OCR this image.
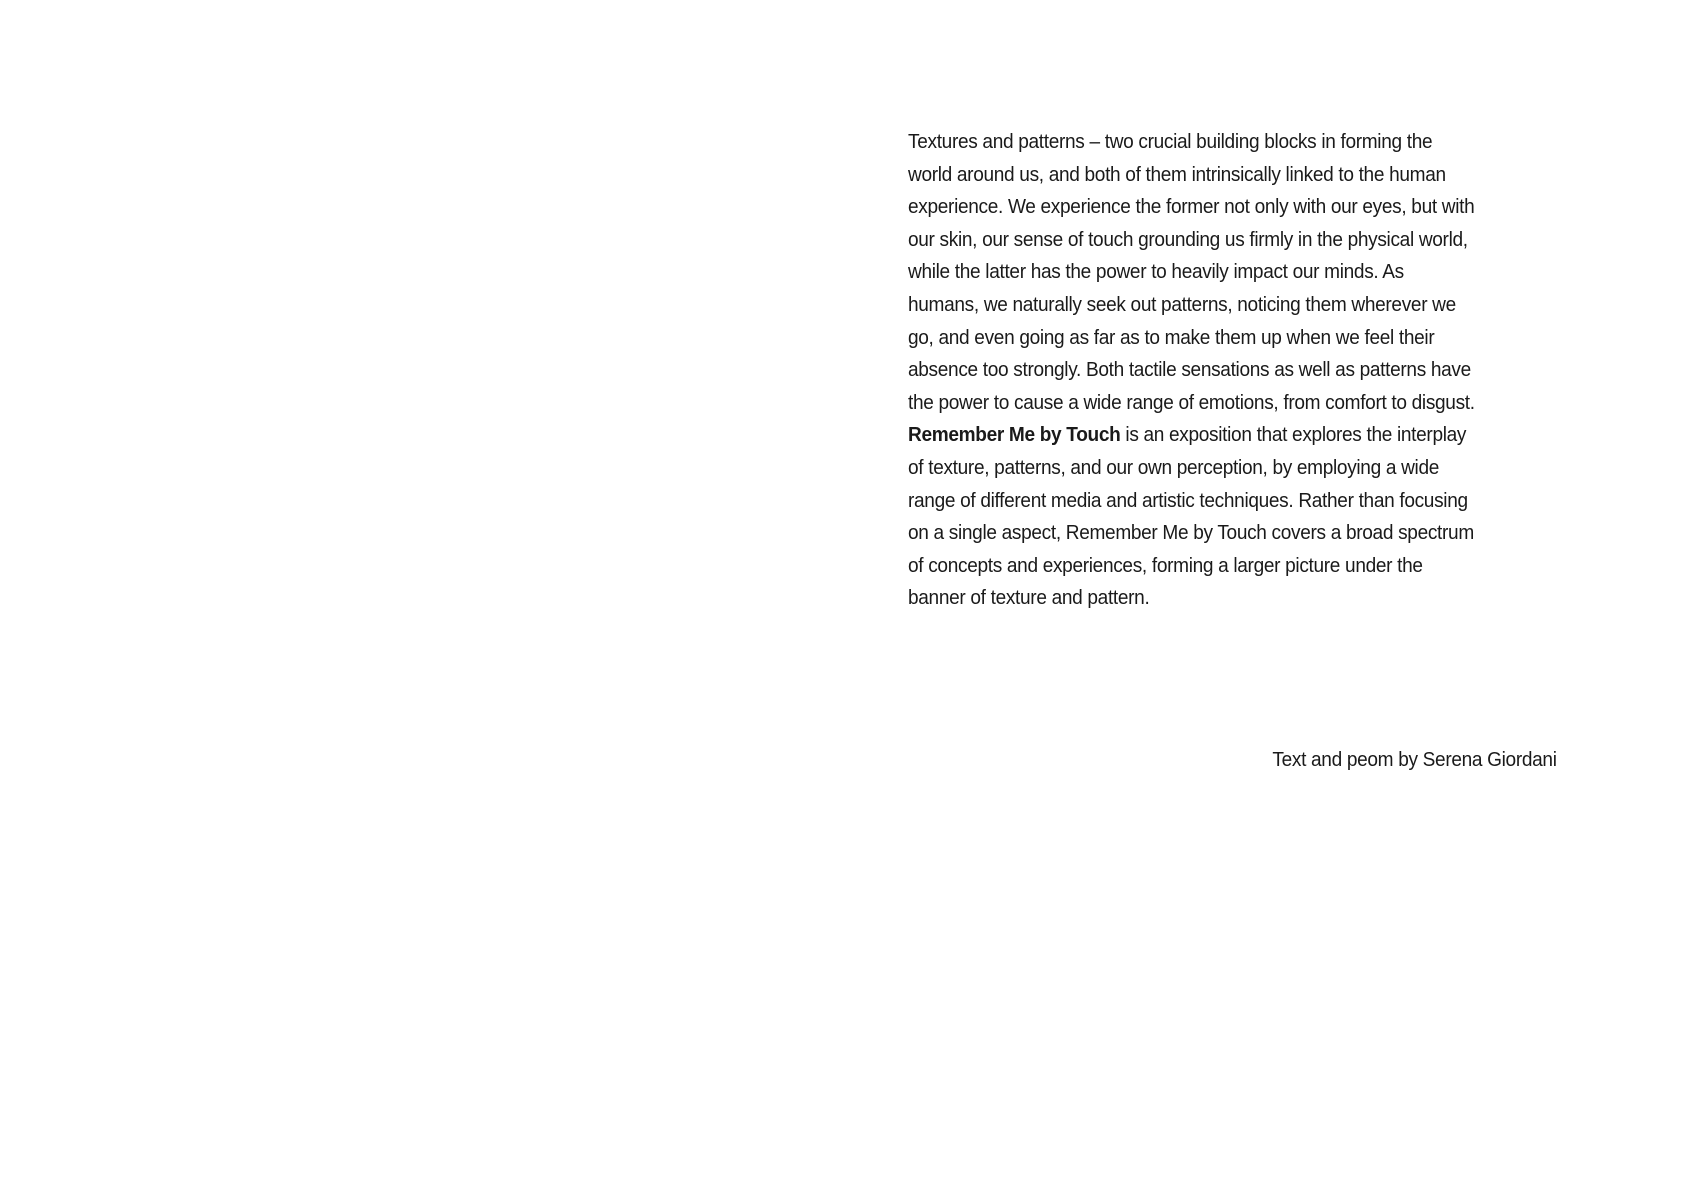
Textures and patterns – two crucial building blocks in forming the world around us, and both of them intrinsically linked to the human experience. We experience the former not only with our eyes, but with our skin, our sense of touch grounding us firmly in the physical world, while the latter has the power to heavily impact our minds. As humans, we naturally seek out patterns, noticing them wherever we go, and even going as far as to make them up when we feel their absence too strongly. Both tactile sensations as well as patterns have the power to cause a wide range of emotions, from comfort to disgust. Remember Me by Touch is an exposition that explores the interplay of texture, patterns, and our own perception, by employing a wide range of different media and artistic techniques. Rather than focusing on a single aspect, Remember Me by Touch covers a broad spectrum of concepts and experiences, forming a larger picture under the banner of texture and pattern.

Text and peom by Serena Giordani
